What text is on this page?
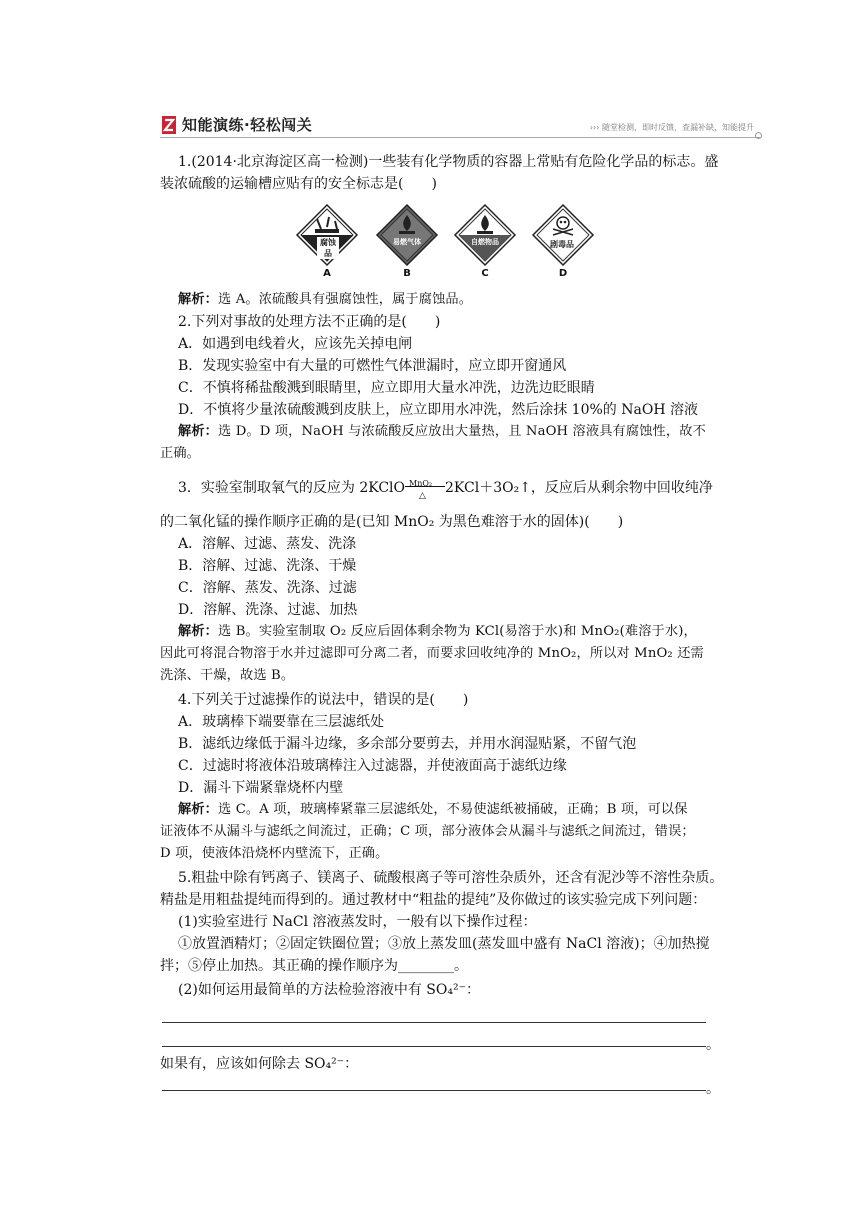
知能演练·轻松闯关	››› 随堂检测，即时反馈，查漏补缺，知能提升
1.(2014·北京海淀区高一检测)一些装有化学物质的容器上常贴有危险化学品的标志。盛
装浓硫酸的运输槽应贴有的安全标志是(　　)
腐蚀品
A
易燃气体
B
自燃物品
C
剧毒品
D
解析：选 A。浓硫酸具有强腐蚀性，属于腐蚀品。
2.下列对事故的处理方法不正确的是(　　)
A．如遇到电线着火，应该先关掉电闸
B．发现实验室中有大量的可燃性气体泄漏时，应立即开窗通风
C．不慎将稀盐酸溅到眼睛里，应立即用大量水冲洗，边洗边眨眼睛
D．不慎将少量浓硫酸溅到皮肤上，应立即用水冲洗，然后涂抹 10%的 NaOH 溶液
解析：选 D。D 项，NaOH 与浓硫酸反应放出大量热，且 NaOH 溶液具有腐蚀性，故不
正确。
3．实验室制取氧气的反应为 2KClO MnO₂
△ 2KCl＋3O₂↑，反应后从剩余物中回收纯净
的二氧化锰的操作顺序正确的是(已知 MnO₂ 为黑色难溶于水的固体)(　　)
A．溶解、过滤、蒸发、洗涤
B．溶解、过滤、洗涤、干燥
C．溶解、蒸发、洗涤、过滤
D．溶解、洗涤、过滤、加热
解析：选 B。实验室制取 O₂ 反应后固体剩余物为 KCl(易溶于水)和 MnO₂(难溶于水)，
因此可将混合物溶于水并过滤即可分离二者，而要求回收纯净的 MnO₂，所以对 MnO₂ 还需
洗涤、干燥，故选 B。
4.下列关于过滤操作的说法中，错误的是(　　)
A．玻璃棒下端要靠在三层滤纸处
B．滤纸边缘低于漏斗边缘，多余部分要剪去，并用水润湿贴紧，不留气泡
C．过滤时将液体沿玻璃棒注入过滤器，并使液面高于滤纸边缘
D．漏斗下端紧靠烧杯内壁
解析：选 C。A 项，玻璃棒紧靠三层滤纸处，不易使滤纸被捅破，正确；B 项，可以保
证液体不从漏斗与滤纸之间流过，正确；C 项，部分液体会从漏斗与滤纸之间流过，错误；
D 项，使液体沿烧杯内壁流下，正确。
5.粗盐中除有钙离子、镁离子、硫酸根离子等可溶性杂质外，还含有泥沙等不溶性杂质。
精盐是用粗盐提纯而得到的。通过教材中“粗盐的提纯”及你做过的该实验完成下列问题：
(1)实验室进行 NaCl 溶液蒸发时，一般有以下操作过程：
①放置酒精灯；②固定铁圈位置；③放上蒸发皿(蒸发皿中盛有 NaCl 溶液)；④加热搅
拌；⑤停止加热。其正确的操作顺序为________。
(2)如何运用最简单的方法检验溶液中有 SO₄²⁻：
。
如果有，应该如何除去 SO₄²⁻：
。
